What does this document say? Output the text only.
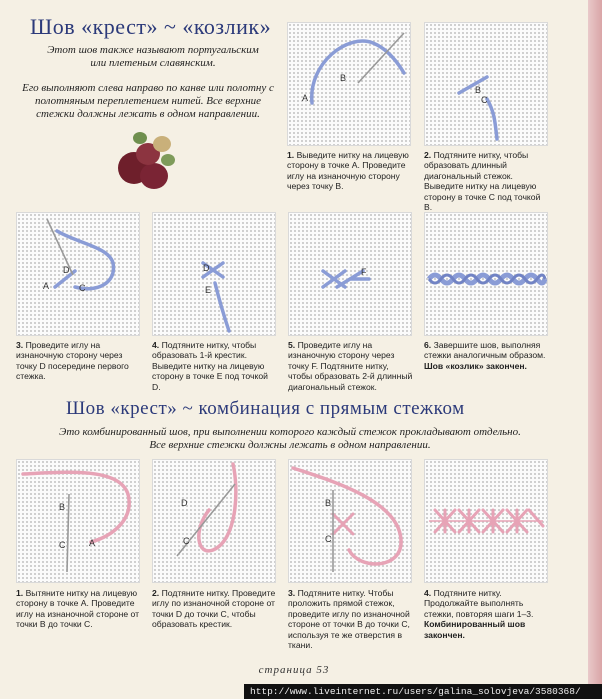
Шов «крест» ~ «козлик»
Этот шов также называют португальским или плетеным славянским.
Его выполняют слева направо по канве или полотну с полотняным переплетением нитей. Все верхние стежки должны лежать в одном направлении.
A
B
1. Выведите нитку на лицевую сторону в точке A. Проведите иглу на изнаночную сторону через точку B.
B
C
2. Подтяните нитку, чтобы образовать длинный диагональный стежок. Выведите нитку на лицевую сторону в точке C под точкой B.
D
A	C
3. Проведите иглу на изнаночную сторону через точку D посередине первого стежка.
D
E
4. Подтяните нитку, чтобы образовать 1-й крестик. Выведите нитку на лицевую сторону в точке E под точкой D.
F
5. Проведите иглу на изнаночную сторону через точку F. Подтяните нитку, чтобы образовать 2-й длинный диагональный стежок.
6. Завершите шов, выполняя стежки аналогичным образом. Шов «козлик» закончен.
Шов «крест» ~ комбинация с прямым стежком
Это комбинированный шов, при выполнении которого каждый стежок прокладывают отдельно.
Все верхние стежки должны лежать в одном направлении.
B
C	A
1. Вытяните нитку на лицевую сторону в точке A. Проведите иглу на изнаночной стороне от точки B до точки C.
D
C
2. Подтяните нитку. Проведите иглу по изнаночной стороне от точки D до точки C, чтобы образовать крестик.
B
C
3. Подтяните нитку. Чтобы проложить прямой стежок, проведите иглу по изнаночной стороне от точки B до точки C, используя те же отверстия в ткани.
4. Подтяните нитку. Продолжайте выполнять стежки, повторяя шаги 1–3. Комбинированный шов закончен.
страница 53
http://www.liveinternet.ru/users/galina_solovjeva/3580368/
